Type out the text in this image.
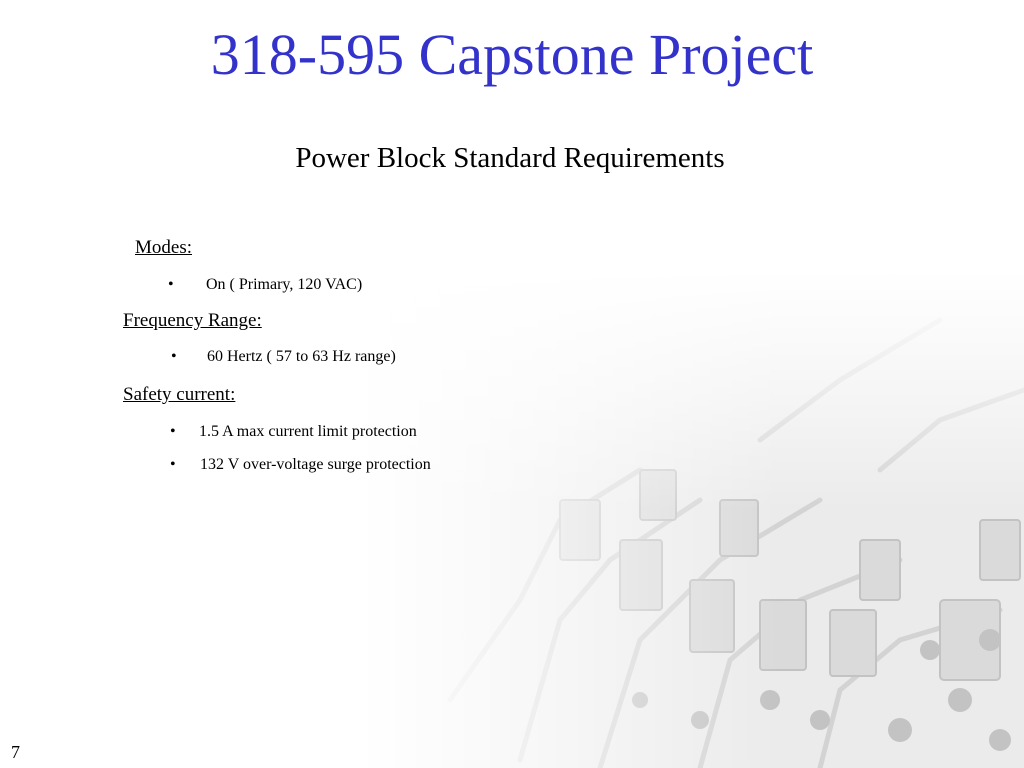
318-595 Capstone Project
Power Block Standard Requirements
Modes:
• On ( Primary, 120 VAC)
Frequency Range:
• 60 Hertz ( 57 to 63 Hz range)
Safety current:
• 1.5 A max current limit protection
• 132 V over-voltage surge protection
7
